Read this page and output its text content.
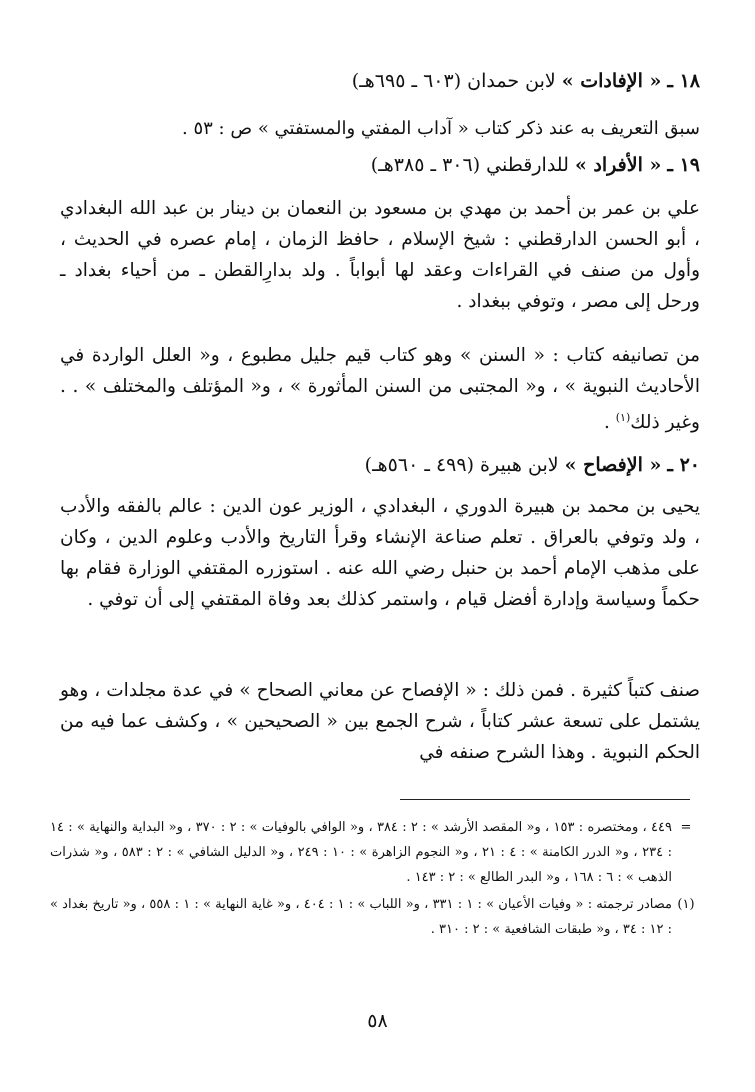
١٨ ـ « الإفادات » لابن حمدان (٦٠٣ ـ ٦٩٥هـ)
سبق التعريف به عند ذكر كتاب « آداب المفتي والمستفتي » ص : ٥٣ .
١٩ ـ « الأفراد » للدارقطني (٣٠٦ ـ ٣٨٥هـ)

علي بن عمر بن أحمد بن مهدي بن مسعود بن النعمان بن دينار بن عبد الله البغدادي ، أبو الحسن الدارقطني : شيخ الإسلام ، حافظ الزمان ، إمام عصره في الحديث ، وأول من صنف في القراءات وعقد لها أبواباً . ولد بدارِالقطن ـ من أحياء بغداد ـ ورحل إلى مصر ، وتوفي ببغداد .

من تصانيفه كتاب : « السنن » وهو كتاب قيم جليل مطبوع ، و« العلل الواردة في الأحاديث النبوية » ، و« المجتبى من السنن المأثورة » ، و« المؤتلف والمختلف » . . وغير ذلك$^{(١)}$ .

٢٠ ـ « الإفصاح » لابن هبيرة (٤٩٩ ـ ٥٦٠هـ)

يحيى بن محمد بن هبيرة الدوري ، البغدادي ، الوزير عون الدين : عالم بالفقه والأدب ، ولد وتوفي بالعراق . تعلم صناعة الإنشاء وقرأ التاريخ والأدب وعلوم الدين ، وكان على مذهب الإمام أحمد بن حنبل رضي الله عنه . استوزره المقتفي الوزارة فقام بها حكماً وسياسة وإدارة أفضل قيام ، واستمر كذلك بعد وفاة المقتفي إلى أن توفي .

صنف كتباً كثيرة . فمن ذلك : « الإفصاح عن معاني الصحاح » في عدة مجلدات ، وهو يشتمل على تسعة عشر كتاباً ، شرح الجمع بين « الصحيحين » ، وكشف عما فيه من الحكم النبوية . وهذا الشرح صنفه في

=
٤٤٩ ، ومختصره : ١٥٣ ، و« المقصد الأرشد » : ٢ : ٣٨٤ ، و« الوافي بالوفيات » : ٢ : ٣٧٠ ، و« البداية والنهاية » : ١٤ : ٢٣٤ ، و« الدرر الكامنة » : ٤ : ٢١ ، و« النجوم الزاهرة » : ١٠ : ٢٤٩ ، و« الدليل الشافي » : ٢ : ٥٨٣ ، و« شذرات الذهب » : ٦ : ١٦٨ ، و« البدر الطالع » : ٢ : ١٤٣ .
(١)
مصادر ترجمته : « وفيات الأعيان » : ١ : ٣٣١ ، و« اللباب » : ١ : ٤٠٤ ، و« غاية النهاية » : ١ : ٥٥٨ ، و« تاريخ بغداد » : ١٢ : ٣٤ ، و« طبقات الشافعية » : ٢ : ٣١٠ .
٥٨
